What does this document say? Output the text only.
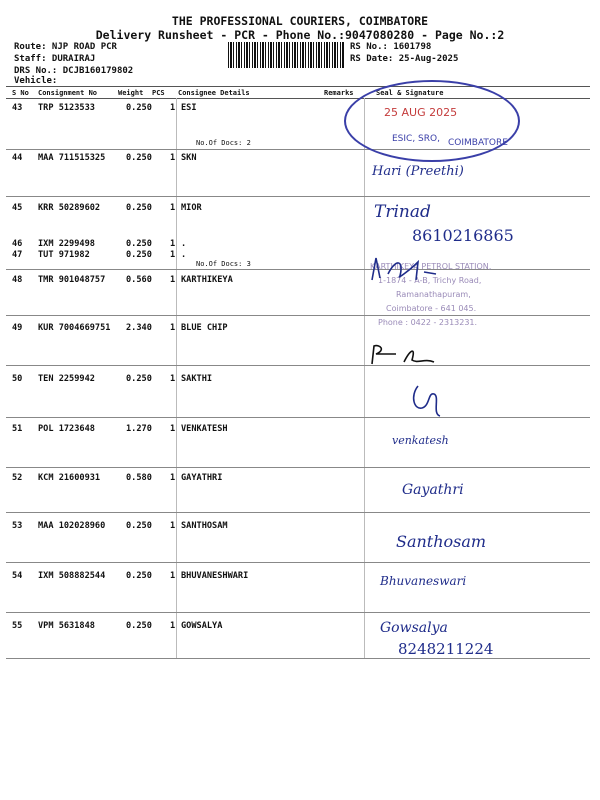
THE PROFESSIONAL COURIERS, COIMBATORE
Delivery Runsheet - PCR - Phone No.:9047080280 - Page No.:2
Route: NJP ROAD PCR
Staff: DURAIRAJ
DRS No.: DCJB160179802
Vehicle:
RS No.: 1601798
RS Date: 25-Aug-2025
S No Consignment No	Weight PCS Consignee Details	Remarks	Seal & Signature
43 TRP 5123533	0.250 1 ESI
No.Of Docs: 2
44 MAA 711515325 0.250 1 SKN
45 KRR 50289602	0.250 1 MIOR
46 IXM 2299498	0.250 1 .
47 TUT 971982	0.250 1 .
No.Of Docs: 3
48 TMR 901048757 0.560 1 KARTHIKEYA
49 KUR 7004669751 2.340 1 BLUE CHIP
50 TEN 2259942	0.250 1 SAKTHI
51 POL 1723648	1.270 1 VENKATESH
52 KCM 21600931	0.580 1 GAYATHRI
53 MAA 102028960 0.250 1 SANTHOSAM
54 IXM 508882544 0.250 1 BHUVANESHWARI
55 VPM 5631848	0.250 1 GOWSALYA
25 AUG 2025
ESIC, SRO, COIMBATORE
Hari (Preethi)
Trinad
8610216865
KARTHIKEYA PETROL STATION,
1-1874 - A-B, Trichy Road,
Ramanathapuram,
Coimbatore - 641 045.
Phone : 0422 - 2313231.
venkatesh
Gayathri
Santhosam
Bhuvaneswari
Gowsalya
8248211224
